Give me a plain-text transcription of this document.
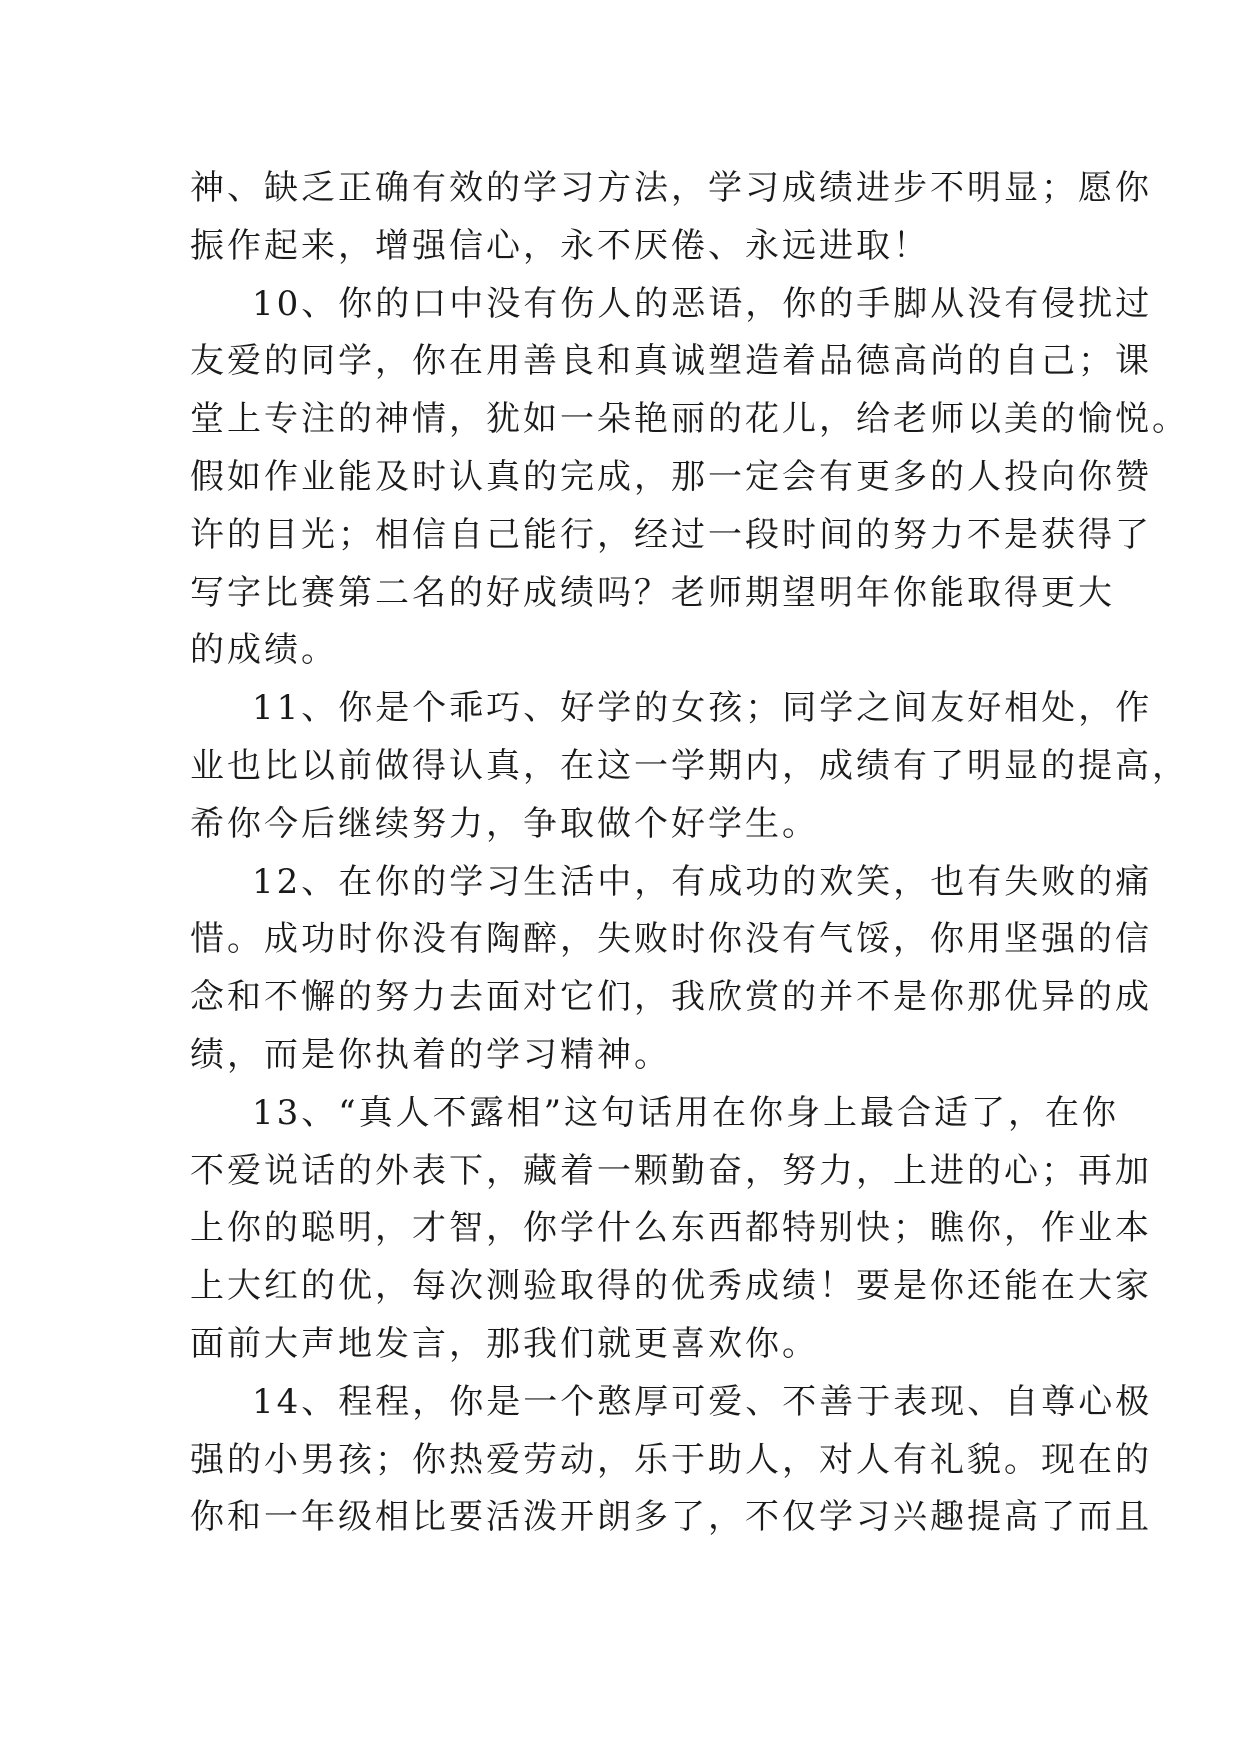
神、缺乏正确有效的学习方法，学习成绩进步不明显；愿你
振作起来，增强信心，永不厌倦、永远进取！
10、你的口中没有伤人的恶语，你的手脚从没有侵扰过
友爱的同学，你在用善良和真诚塑造着品德高尚的自己；课
堂上专注的神情，犹如一朵艳丽的花儿，给老师以美的愉悦。
假如作业能及时认真的完成，那一定会有更多的人投向你赞
许的目光；相信自己能行，经过一段时间的努力不是获得了
写字比赛第二名的好成绩吗？老师期望明年你能取得更大
的成绩。
11、你是个乖巧、好学的女孩；同学之间友好相处，作
业也比以前做得认真，在这一学期内，成绩有了明显的提高，
希你今后继续努力，争取做个好学生。
12、在你的学习生活中，有成功的欢笑，也有失败的痛
惜。成功时你没有陶醉，失败时你没有气馁，你用坚强的信
念和不懈的努力去面对它们，我欣赏的并不是你那优异的成
绩，而是你执着的学习精神。
13、“真人不露相”这句话用在你身上最合适了，在你
不爱说话的外表下，藏着一颗勤奋，努力，上进的心；再加
上你的聪明，才智，你学什么东西都特别快；瞧你，作业本
上大红的优，每次测验取得的优秀成绩！要是你还能在大家
面前大声地发言，那我们就更喜欢你。
14、程程，你是一个憨厚可爱、不善于表现、自尊心极
强的小男孩；你热爱劳动，乐于助人，对人有礼貌。现在的
你和一年级相比要活泼开朗多了，不仅学习兴趣提高了而且
